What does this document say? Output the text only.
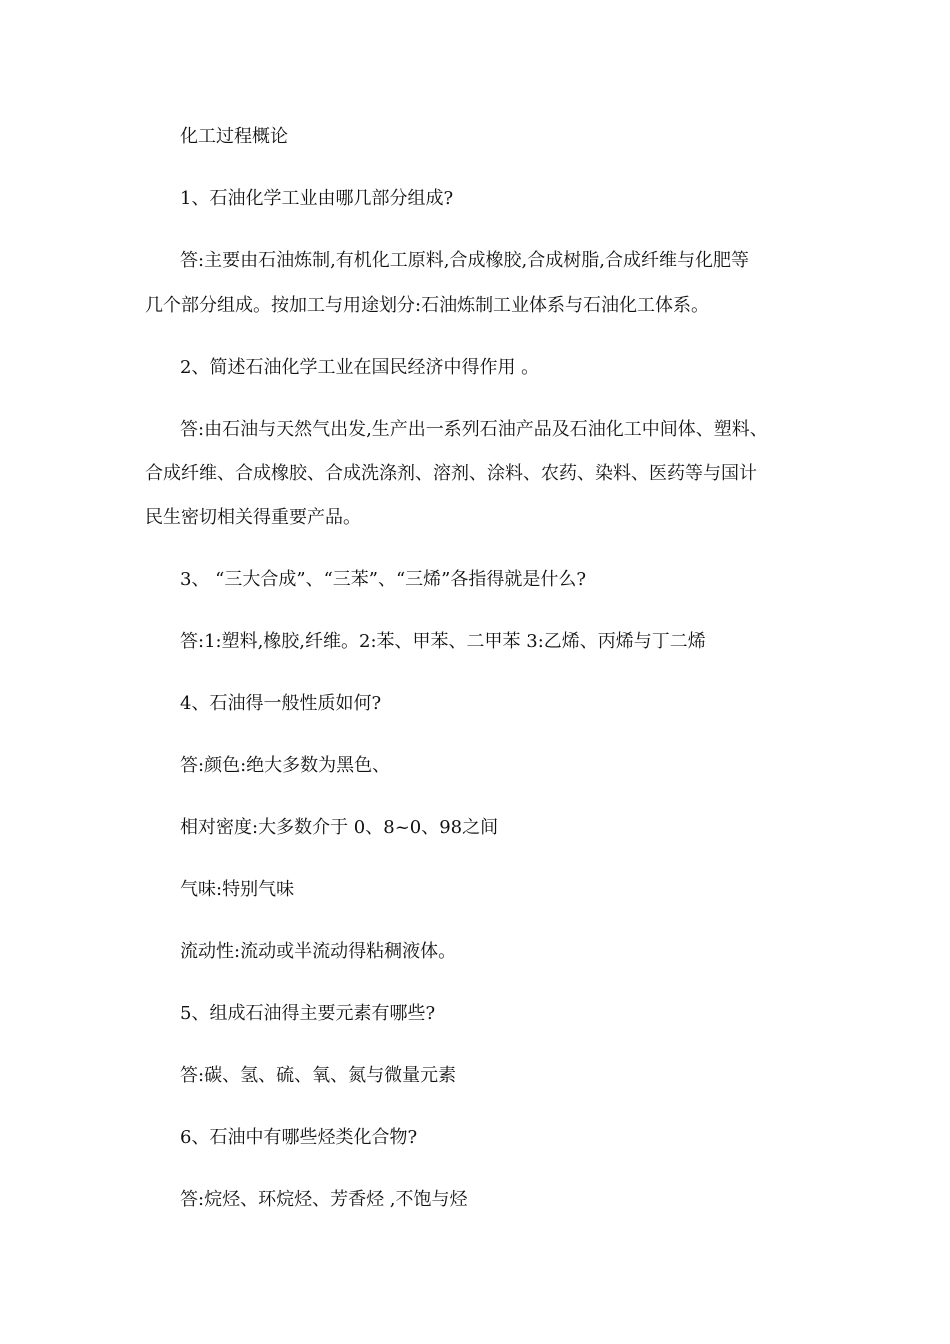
化工过程概论

1、石油化学工业由哪几部分组成?

答:主要由石油炼制,有机化工原料,合成橡胶,合成树脂,合成纤维与化肥等

几个部分组成。按加工与用途划分:石油炼制工业体系与石油化工体系。

2、简述石油化学工业在国民经济中得作用 。

答:由石油与天然气出发,生产出一系列石油产品及石油化工中间体、塑料、

合成纤维、合成橡胶、合成洗涤剂、溶剂、涂料、农药、染料、医药等与国计

民生密切相关得重要产品。

3、 “三大合成”、“三苯”、“三烯”各指得就是什么?

答:1:塑料,橡胶,纤维。2:苯、甲苯、二甲苯 3:乙烯、丙烯与丁二烯

4、石油得一般性质如何?

答:颜色:绝大多数为黑色、

相对密度:大多数介于 0、8~0、98之间

气味:特别气味

流动性:流动或半流动得粘稠液体。

5、组成石油得主要元素有哪些?

答:碳、氢、硫、氧、氮与微量元素

6、石油中有哪些烃类化合物?

答:烷烃、环烷烃、芳香烃 ,不饱与烃
